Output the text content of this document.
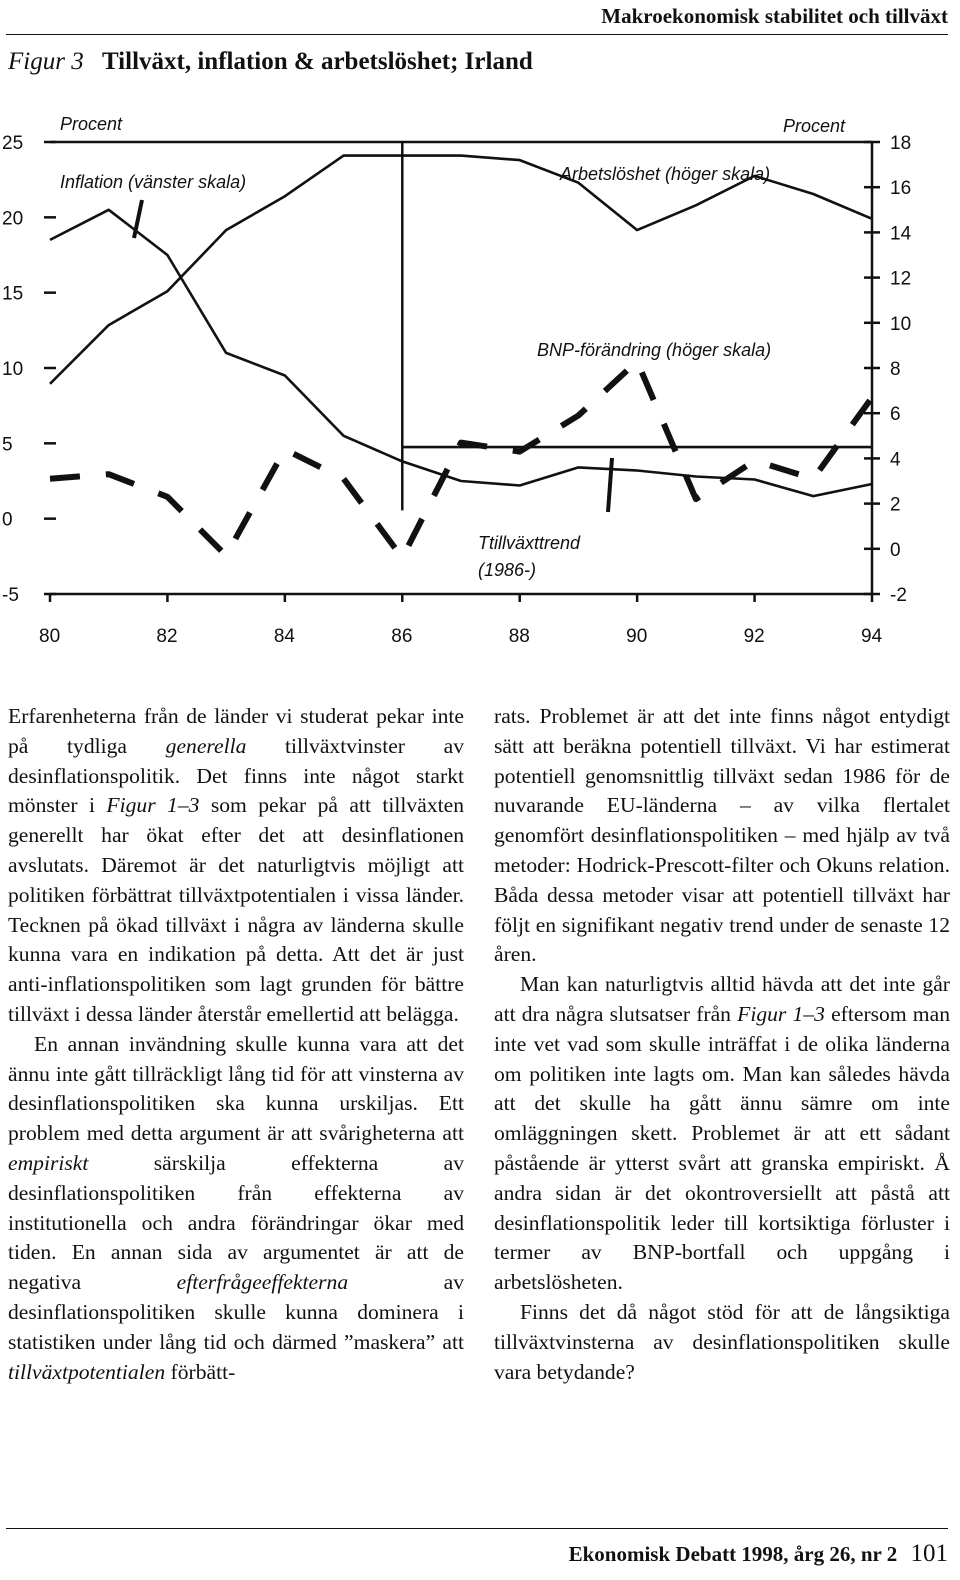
Makroekonomisk stabilitet och tillväxt
Figur 3 Tillväxt, inflation & arbetslöshet; Irland
25
20
15
10
5
0
-5
18
16
14
12
10
8
6
4
2
0
-2
80	82	84	86	88	90	92	94
Procent	Procent
Inflation (vänster skala)	Arbetslöshet (höger skala)
BNP-förändring (höger skala)
Ttillväxttrend
(1986-)

Erfarenheterna från de länder vi studerat pekar inte på tydliga generella tillväxtvinster av desinflationspolitik. Det finns inte något starkt mönster i Figur 1–3 som pekar på att tillväxten generellt har ökat efter det att desinflationen avslutats. Däremot är det naturligtvis möjligt att politiken förbättrat tillväxtpotentialen i vissa länder. Tecknen på ökad tillväxt i några av länderna skulle kunna vara en indikation på detta. Att det är just anti-inflationspolitiken som lagt grunden för bättre tillväxt i dessa länder återstår emellertid att belägga.

En annan invändning skulle kunna vara att det ännu inte gått tillräckligt lång tid för att vinsterna av desinflationspolitiken ska kunna urskiljas. Ett problem med detta argument är att svårigheterna att empiriskt särskilja effekterna av desinflationspolitiken från effekterna av institutionella och andra förändringar ökar med tiden. En annan sida av argumentet är att de negativa efterfrågeeffekterna av desinflationspolitiken skulle kunna dominera i statistiken under lång tid och därmed ”maskera” att tillväxtpotentialen förbätt-

rats. Problemet är att det inte finns något entydigt sätt att beräkna potentiell tillväxt. Vi har estimerat potentiell genomsnittlig tillväxt sedan 1986 för de nuvarande EU-länderna – av vilka flertalet genomfört desinflationspolitiken – med hjälp av två metoder: Hodrick-Prescott-filter och Okuns relation. Båda dessa metoder visar att potentiell tillväxt har följt en signifikant negativ trend under de senaste 12 åren.

Man kan naturligtvis alltid hävda att det inte går att dra några slutsatser från Figur 1–3 eftersom man inte vet vad som skulle inträffat i de olika länderna om politiken inte lagts om. Man kan således hävda att det skulle ha gått ännu sämre om inte omläggningen skett. Problemet är att ett sådant påstående är ytterst svårt att granska empiriskt. Å andra sidan är det okontroversiellt att påstå att desinflationspolitik leder till kortsiktiga förluster i termer av BNP-bortfall och uppgång i arbetslösheten.

Finns det då något stöd för att de långsiktiga tillväxtvinsterna av desinflationspolitiken skulle vara betydande?

Ekonomisk Debatt 1998, årg 26, nr 2 101
